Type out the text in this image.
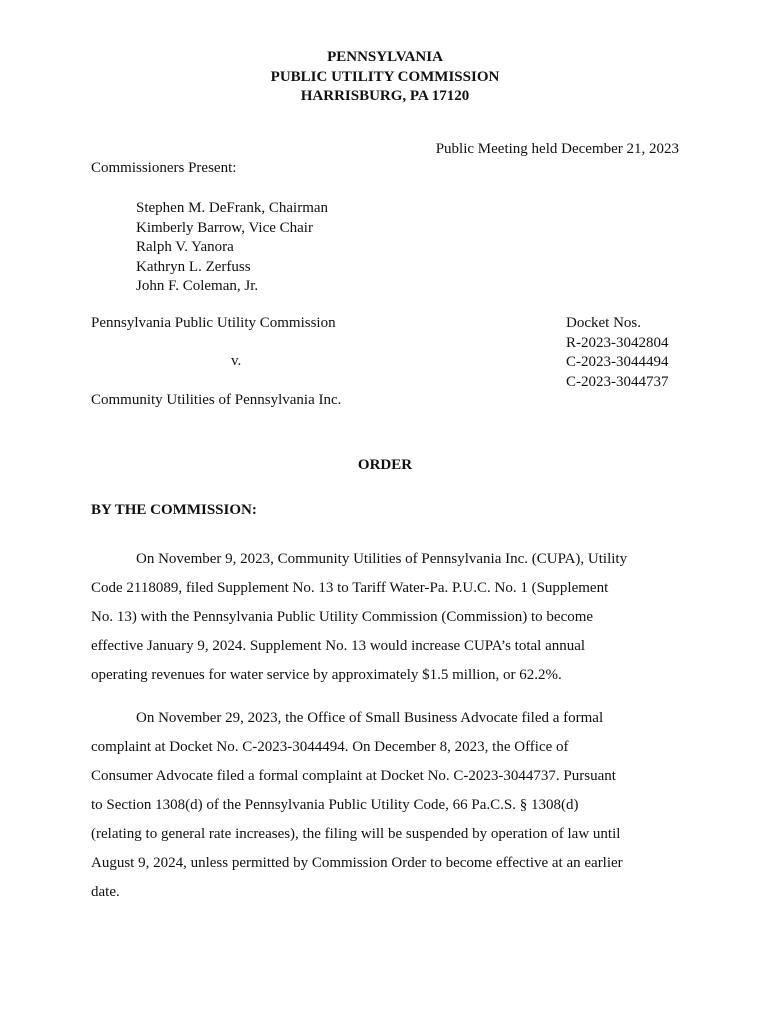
PENNSYLVANIA
PUBLIC UTILITY COMMISSION
HARRISBURG, PA 17120
Public Meeting held December 21, 2023
Commissioners Present:
Stephen M. DeFrank, Chairman
Kimberly Barrow, Vice Chair
Ralph V. Yanora
Kathryn L. Zerfuss
John F. Coleman, Jr.
Pennsylvania Public Utility Commission
v.
Community Utilities of Pennsylvania Inc.
Docket Nos.
R-2023-3042804
C-2023-3044494
C-2023-3044737
ORDER
BY THE COMMISSION:
On November 9, 2023, Community Utilities of Pennsylvania Inc. (CUPA), Utility
Code 2118089, filed Supplement No. 13 to Tariff Water-Pa. P.U.C. No. 1 (Supplement
No. 13) with the Pennsylvania Public Utility Commission (Commission) to become
effective January 9, 2024. Supplement No. 13 would increase CUPA’s total annual
operating revenues for water service by approximately $1.5 million, or 62.2%.
On November 29, 2023, the Office of Small Business Advocate filed a formal
complaint at Docket No. C-2023-3044494. On December 8, 2023, the Office of
Consumer Advocate filed a formal complaint at Docket No. C-2023-3044737. Pursuant
to Section 1308(d) of the Pennsylvania Public Utility Code, 66 Pa.C.S. § 1308(d)
(relating to general rate increases), the filing will be suspended by operation of law until
August 9, 2024, unless permitted by Commission Order to become effective at an earlier
date.
